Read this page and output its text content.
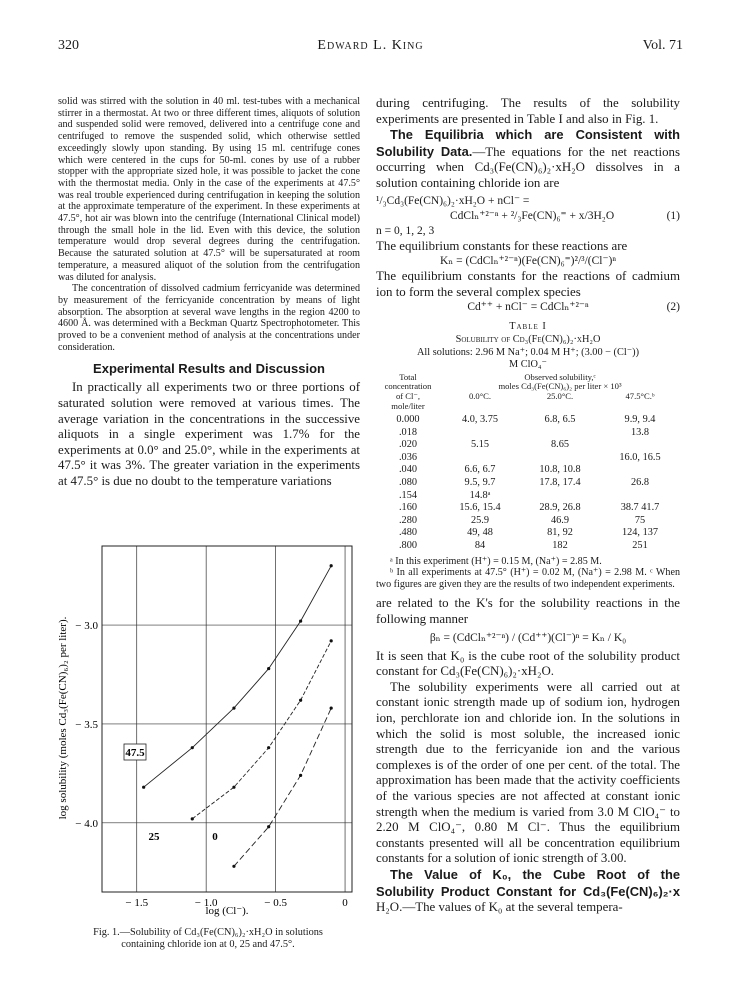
320	Edward L. King	Vol. 71

solid was stirred with the solution in 40 ml. test-tubes with a mechanical stirrer in a thermostat. At two or three different times, aliquots of solution and suspended solid were removed, delivered into a centrifuge cone and centrifuged to remove the suspended solid, which otherwise settled exceedingly slowly upon standing. By using 15 ml. centrifuge cones which were centered in the cups for 50-ml. cones by use of a rubber stopper with the appropriate sized hole, it was possible to jacket the cone with the thermostat media. Only in the case of the experiments at 47.5° was real trouble experienced during centrifugation in keeping the solution at the approximate temperature of the experiment. In these experiments at 47.5°, hot air was blown into the centrifuge (International Clinical model) through the small hole in the lid. Even with this device, the solution temperature would drop several degrees during the centrifugation. Because the saturated solution at 47.5° will be supersaturated at room temperature, a measured aliquot of the solution from the centrifugation was diluted for analysis.

The concentration of dissolved cadmium ferricyanide was determined by measurement of the ferricyanide concentration by means of light absorption. The absorption at several wave lengths in the region 4200 to 4600 Å. was determined with a Beckman Quartz Spectrophotometer. This proved to be a convenient method of analysis at the concentrations under consideration.

Experimental Results and Discussion

In practically all experiments two or three portions of saturated solution were removed at various times. The average variation in the concentrations in the successive aliquots in a single experiment was 1.7% for the experiments at 0.0° and 25.0°, while in the experiments at 47.5° it was 3%. The greater variation in the experiments at 47.5° is due no doubt to the temperature variations

− 1.5	− 1.0	− 0.5	0
− 3.0
− 3.5
− 4.0
log solubility (moles Cd₃(Fe(CN)₆)₂ per liter).
log (Cl⁻).
47.5
25	0
Fig. 1.—Solubility of Cd₃(Fe(CN)₆)₂·xH₂O in solutions
containing chloride ion at 0, 25 and 47.5°.

during centrifuging. The results of the solubility experiments are presented in Table I and also in Fig. 1.

The Equilibria which are Consistent with Solubility Data.—The equations for the net reactions occurring when Cd₃(Fe(CN)₆)₂·xH₂O dissolves in a solution containing chloride ion are

¹/₃Cd₃(Fe(CN)₆)₂·xH₂O + nCl⁻ =
CdClₙ⁺²⁻ⁿ + ²/₃Fe(CN)₆⁼ + x/3H₂O	(1)
n = 0, 1, 2, 3

The equilibrium constants for these reactions are

Kₙ = (CdClₙ⁺²⁻ⁿ)(Fe(CN)₆⁼)²/³/(Cl⁻)ⁿ

The equilibrium constants for the reactions of cadmium ion to form the several complex species

Cd⁺⁺ + nCl⁻ = CdClₙ⁺²⁻ⁿ	(2)
Table I
Solubility of Cd₃(Fe(CN)₆)₂·xH₂O
All solutions: 2.96 M Na⁺; 0.04 M H⁺; (3.00 − (Cl⁻))
M ClO₄⁻
Total	Observed solubility,ᶜ		
concentration	moles Cd₃(Fe(CN)₆)₂ per liter × 10³		
of Cl⁻,	0.0°C.	25.0°C.	47.5°C.ᵇ
mole/liter			
0.000	4.0, 3.75	6.8, 6.5	9.9, 9.4
.018			13.8
.020	5.15	8.65	
.036			16.0, 16.5
.040	6.6, 6.7	10.8, 10.8	
.080	9.5, 9.7	17.8, 17.4	26.8
.154	14.8ᵃ		
.160	15.6, 15.4	28.9, 26.8	38.7 41.7
.280	25.9	46.9	75
.480	49, 48	81, 92	124, 137
.800	84	182	251
ᵃ In this experiment (H⁺) = 0.15 M, (Na⁺) = 2.85 M.
ᵇ In all experiments at 47.5° (H⁺) = 0.02 M, (Na⁺) = 2.98 M. ᶜ When two figures are given they are the results of two independent experiments.

are related to the K's for the solubility reactions in the following manner

βₙ = (CdClₙ⁺²⁻ⁿ) / (Cd⁺⁺)(Cl⁻)ⁿ = Kₙ / K₀

It is seen that K₀ is the cube root of the solubility product constant for Cd₃(Fe(CN)₆)₂·xH₂O.

The solubility experiments were all carried out at constant ionic strength made up of sodium ion, hydrogen ion, perchlorate ion and chloride ion. In the solutions in which the solid is most soluble, the increased ionic strength due to the ferricyanide ion and the various complexes is of the order of one per cent. of the total. The approximation has been made that the activity coefficients of the various species are not affected at constant ionic strength when the medium is varied from 3.0 M ClO₄⁻ to 2.20 M ClO₄⁻, 0.80 M Cl⁻. Thus the equilibrium constants presented will all be concentration equilibrium constants for a solution of ionic strength of 3.00.

The Value of K₀, the Cube Root of the Solubility Product Constant for Cd₃(Fe(CN)₆)₂·x H₂O.—The values of K₀ at the several tempera-
